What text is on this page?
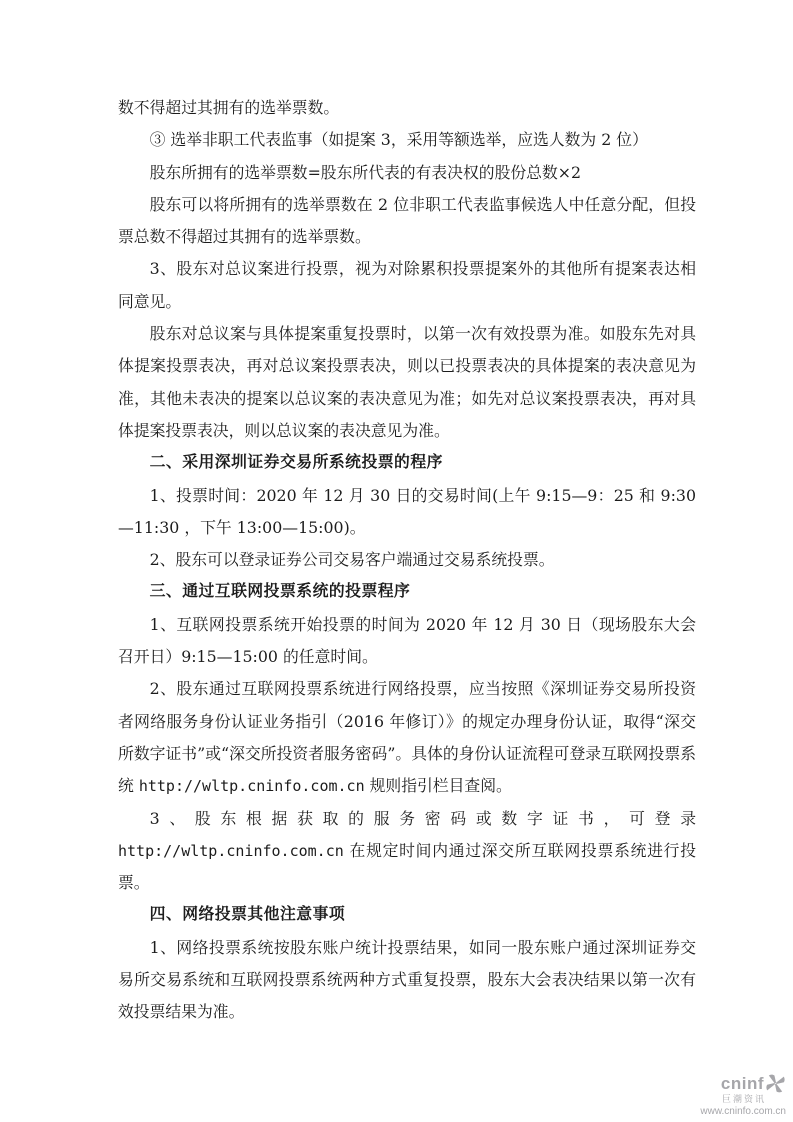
数不得超过其拥有的选举票数。

③ 选举非职工代表监事（如提案 3，采用等额选举，应选人数为 2 位）

股东所拥有的选举票数=股东所代表的有表决权的股份总数×2

股东可以将所拥有的选举票数在 2 位非职工代表监事候选人中任意分配，但投票总数不得超过其拥有的选举票数。

3、股东对总议案进行投票，视为对除累积投票提案外的其他所有提案表达相同意见。

股东对总议案与具体提案重复投票时，以第一次有效投票为准。如股东先对具体提案投票表决，再对总议案投票表决，则以已投票表决的具体提案的表决意见为准，其他未表决的提案以总议案的表决意见为准；如先对总议案投票表决，再对具体提案投票表决，则以总议案的表决意见为准。

二、采用深圳证券交易所系统投票的程序

1、投票时间：2020 年 12 月 30 日的交易时间(上午 9:15—9：25 和 9:30—11:30 ，下午 13:00—15:00)。

2、股东可以登录证券公司交易客户端通过交易系统投票。

三、通过互联网投票系统的投票程序

1、互联网投票系统开始投票的时间为 2020 年 12 月 30 日（现场股东大会召开日）9:15—15:00 的任意时间。

2、股东通过互联网投票系统进行网络投票，应当按照《深圳证券交易所投资者网络服务身份认证业务指引（2016 年修订）》的规定办理身份认证，取得“深交所数字证书”或“深交所投资者服务密码”。具体的身份认证流程可登录互联网投票系统 http://wltp.cninfo.com.cn 规则指引栏目查阅。

3、股东根据获取的服务密码或数字证书，可登录 http://wltp.cninfo.com.cn 在规定时间内通过深交所互联网投票系统进行投票。

四、网络投票其他注意事项

1、网络投票系统按股东账户统计投票结果，如同一股东账户通过深圳证券交易所交易系统和互联网投票系统两种方式重复投票，股东大会表决结果以第一次有效投票结果为准。

cninf
巨潮资讯
www.cninfo.com.cn
